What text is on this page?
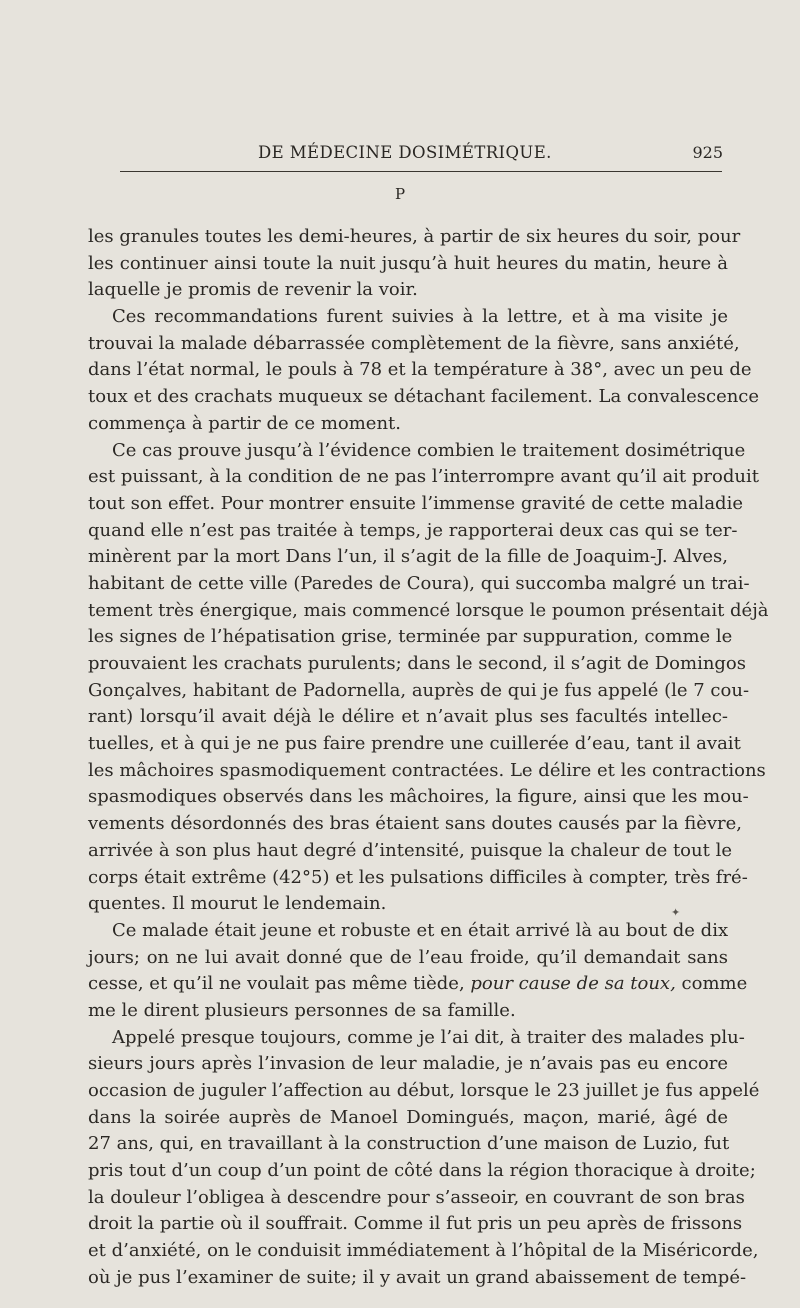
DE MÉDECINE DOSIMÉTRIQUE.	925
P
les granules toutes les demi-heures, à partir de six heures du soir, pour
les continuer ainsi toute la nuit jusqu’à huit heures du matin, heure à
laquelle je promis de revenir la voir.
Ces recommandations furent suivies à la lettre, et à ma visite je
trouvai la malade débarrassée complètement de la fièvre, sans anxiété,
dans l’état normal, le pouls à 78 et la température à 38°, avec un peu de
toux et des crachats muqueux se détachant facilement. La convalescence
commença à partir de ce moment.
Ce cas prouve jusqu’à l’évidence combien le traitement dosimétrique
est puissant, à la condition de ne pas l’interrompre avant qu’il ait produit
tout son effet. Pour montrer ensuite l’immense gravité de cette maladie
quand elle n’est pas traitée à temps, je rapporterai deux cas qui se ter-
minèrent par la mort Dans l’un, il s’agit de la fille de Joaquim-J. Alves,
habitant de cette ville (Paredes de Coura), qui succomba malgré un trai-
tement très énergique, mais commencé lorsque le poumon présentait déjà
les signes de l’hépatisation grise, terminée par suppuration, comme le
prouvaient les crachats purulents; dans le second, il s’agit de Domingos
Gonçalves, habitant de Padornella, auprès de qui je fus appelé (le 7 cou-
rant) lorsqu’il avait déjà le délire et n’avait plus ses facultés intellec-
tuelles, et à qui je ne pus faire prendre une cuillerée d’eau, tant il avait
les mâchoires spasmodiquement contractées. Le délire et les contractions
spasmodiques observés dans les mâchoires, la figure, ainsi que les mou-
vements désordonnés des bras étaient sans doutes causés par la fièvre,
arrivée à son plus haut degré d’intensité, puisque la chaleur de tout le
corps était extrême (42°5) et les pulsations difficiles à compter, très fré-
quentes. Il mourut le lendemain.
Ce malade était jeune et robuste et en était arrivé là au bout de dix
jours; on ne lui avait donné que de l’eau froide, qu’il demandait sans
cesse, et qu’il ne voulait pas même tiède, pour cause de sa toux, comme
me le dirent plusieurs personnes de sa famille.
Appelé presque toujours, comme je l’ai dit, à traiter des malades plu-
sieurs jours après l’invasion de leur maladie, je n’avais pas eu encore
occasion de juguler l’affection au début, lorsque le 23 juillet je fus appelé
dans la soirée auprès de Manoel Domingués, maçon, marié, âgé de
27 ans, qui, en travaillant à la construction d’une maison de Luzio, fut
pris tout d’un coup d’un point de côté dans la région thoracique à droite;
la douleur l’obligea à descendre pour s’asseoir, en couvrant de son bras
droit la partie où il souffrait. Comme il fut pris un peu après de frissons
et d’anxiété, on le conduisit immédiatement à l’hôpital de la Miséricorde,
où je pus l’examiner de suite; il y avait un grand abaissement de tempé-
✦
